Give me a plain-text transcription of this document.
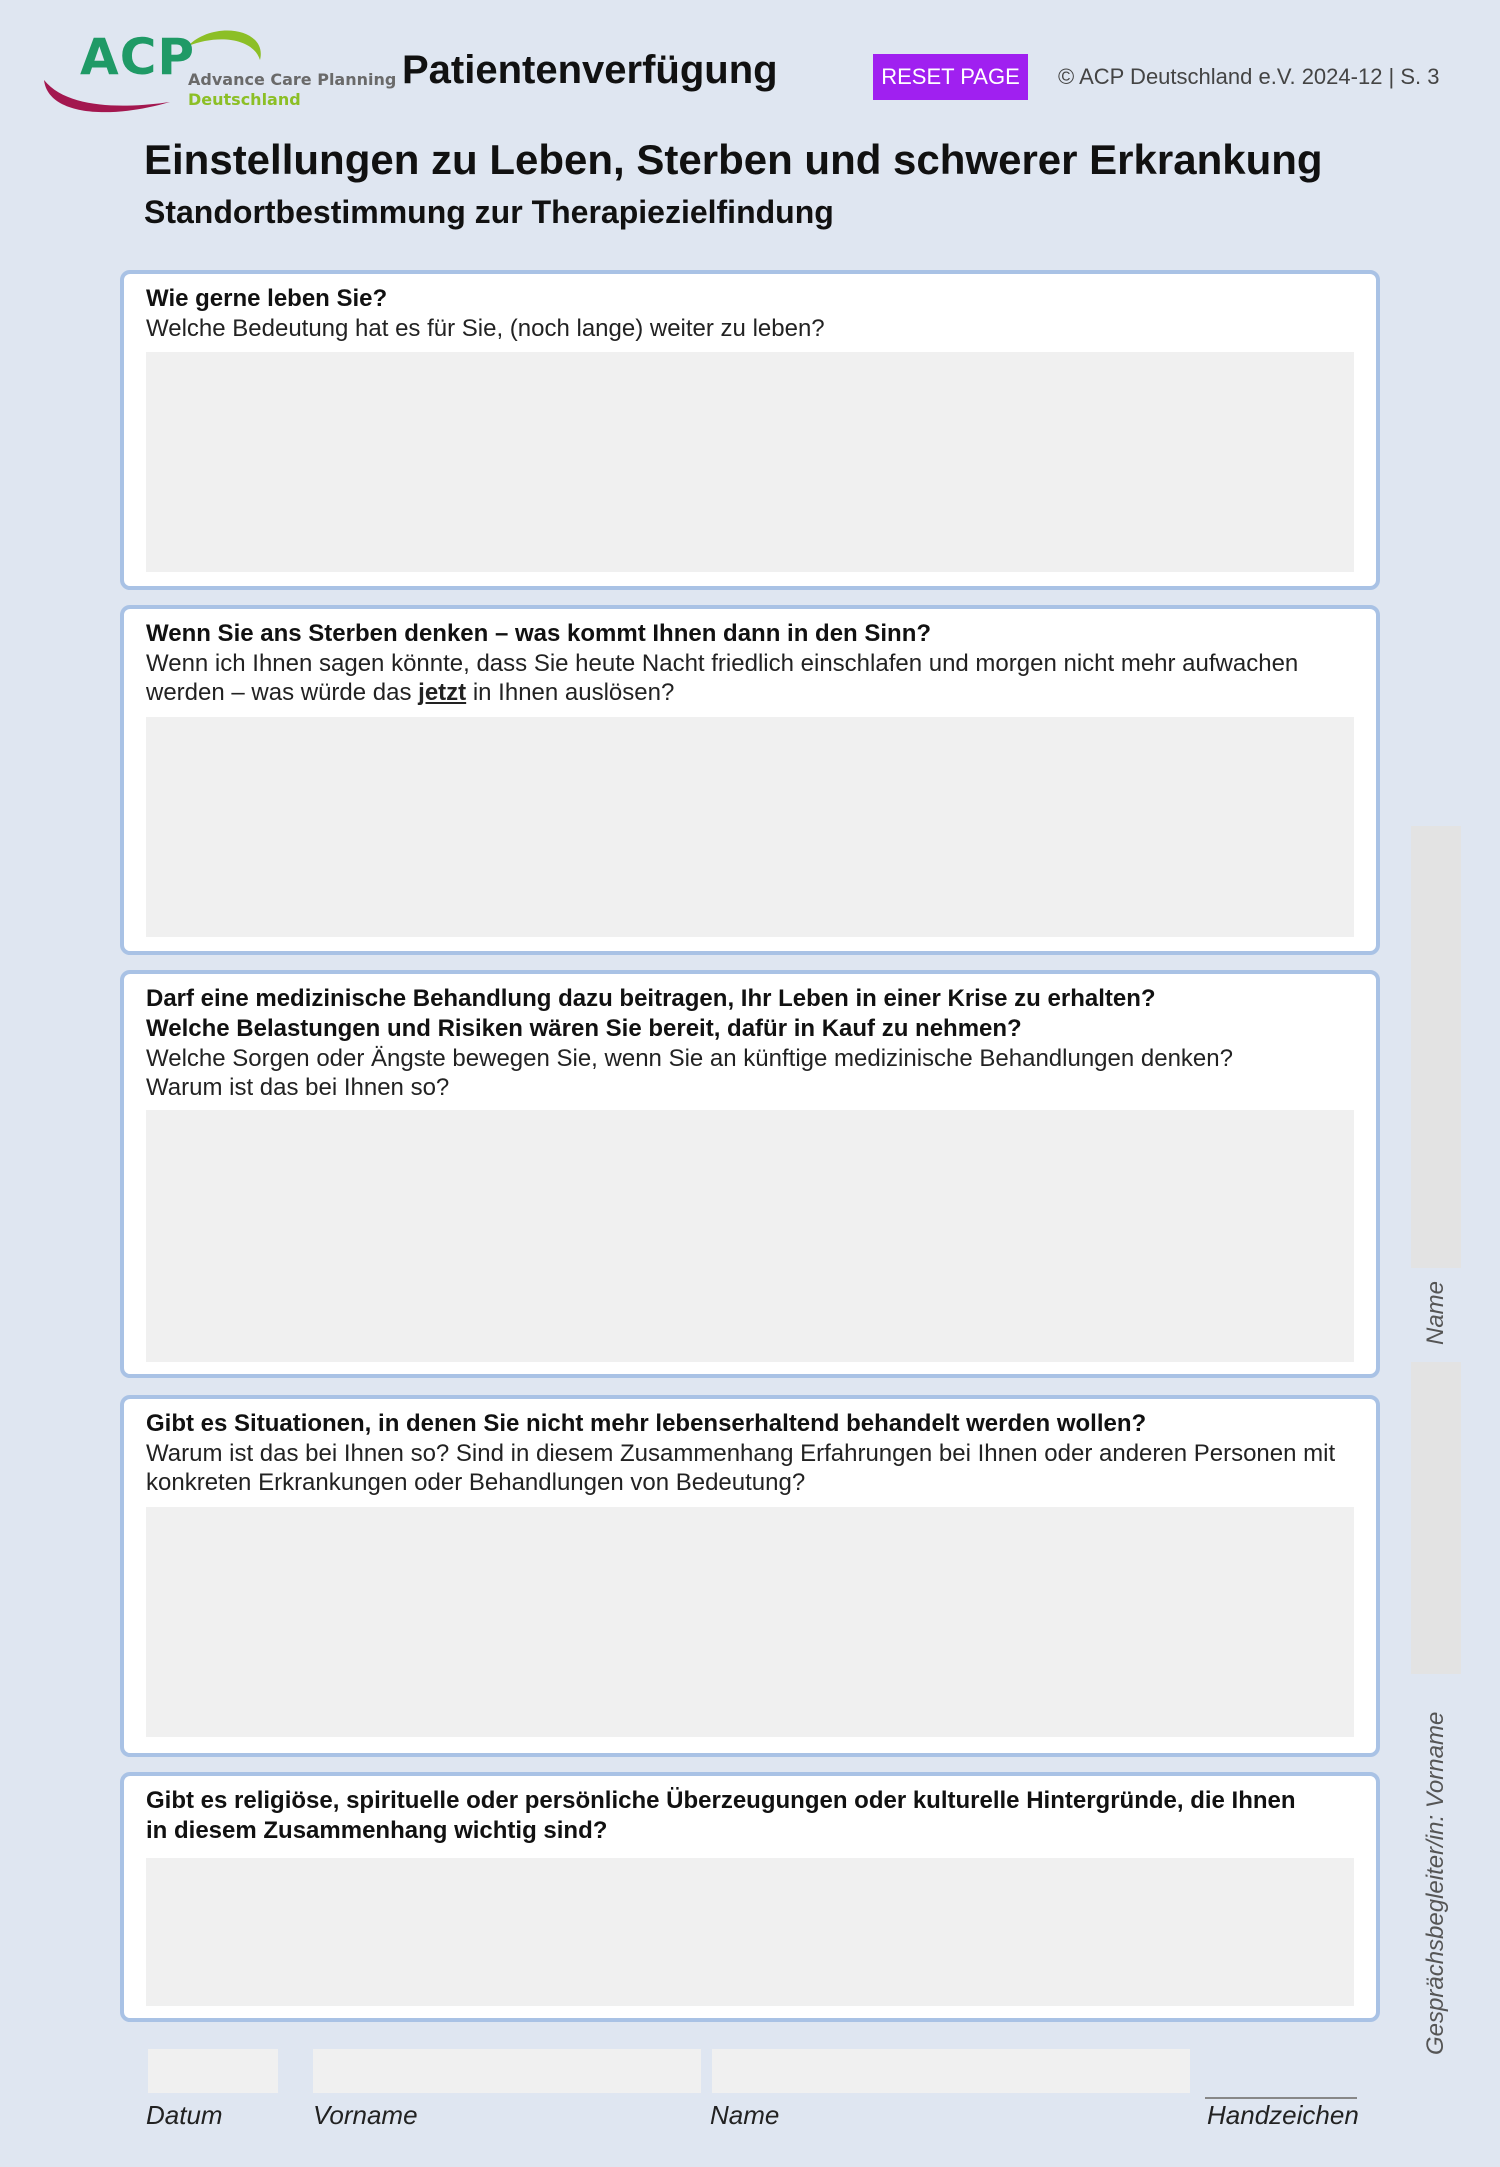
ACP
Advance Care Planning
Deutschland
Patientenverfügung	RESET PAGE	© ACP Deutschland e.V. 2024-12 | S. 3
Einstellungen zu Leben, Sterben und schwerer Erkrankung
Standortbestimmung zur Therapiezielfindung
Wie gerne leben Sie?
Welche Bedeutung hat es für Sie, (noch lange) weiter zu leben?
Wenn Sie ans Sterben denken – was kommt Ihnen dann in den Sinn?
Wenn ich Ihnen sagen könnte, dass Sie heute Nacht friedlich einschlafen und morgen nicht mehr aufwachen
werden – was würde das jetzt in Ihnen auslösen?
Darf eine medizinische Behandlung dazu beitragen, Ihr Leben in einer Krise zu erhalten?
Welche Belastungen und Risiken wären Sie bereit, dafür in Kauf zu nehmen?
Welche Sorgen oder Ängste bewegen Sie, wenn Sie an künftige medizinische Behandlungen denken?
Warum ist das bei Ihnen so?
Gibt es Situationen, in denen Sie nicht mehr lebenserhaltend behandelt werden wollen?
Warum ist das bei Ihnen so? Sind in diesem Zusammenhang Erfahrungen bei Ihnen oder anderen Personen mit
konkreten Erkrankungen oder Behandlungen von Bedeutung?
Gibt es religiöse, spirituelle oder persönliche Überzeugungen oder kulturelle Hintergründe, die Ihnen
in diesem Zusammenhang wichtig sind?
Name
Gesprächsbegleiter/in: Vorname
Datum	Vorname	Name	Handzeichen
